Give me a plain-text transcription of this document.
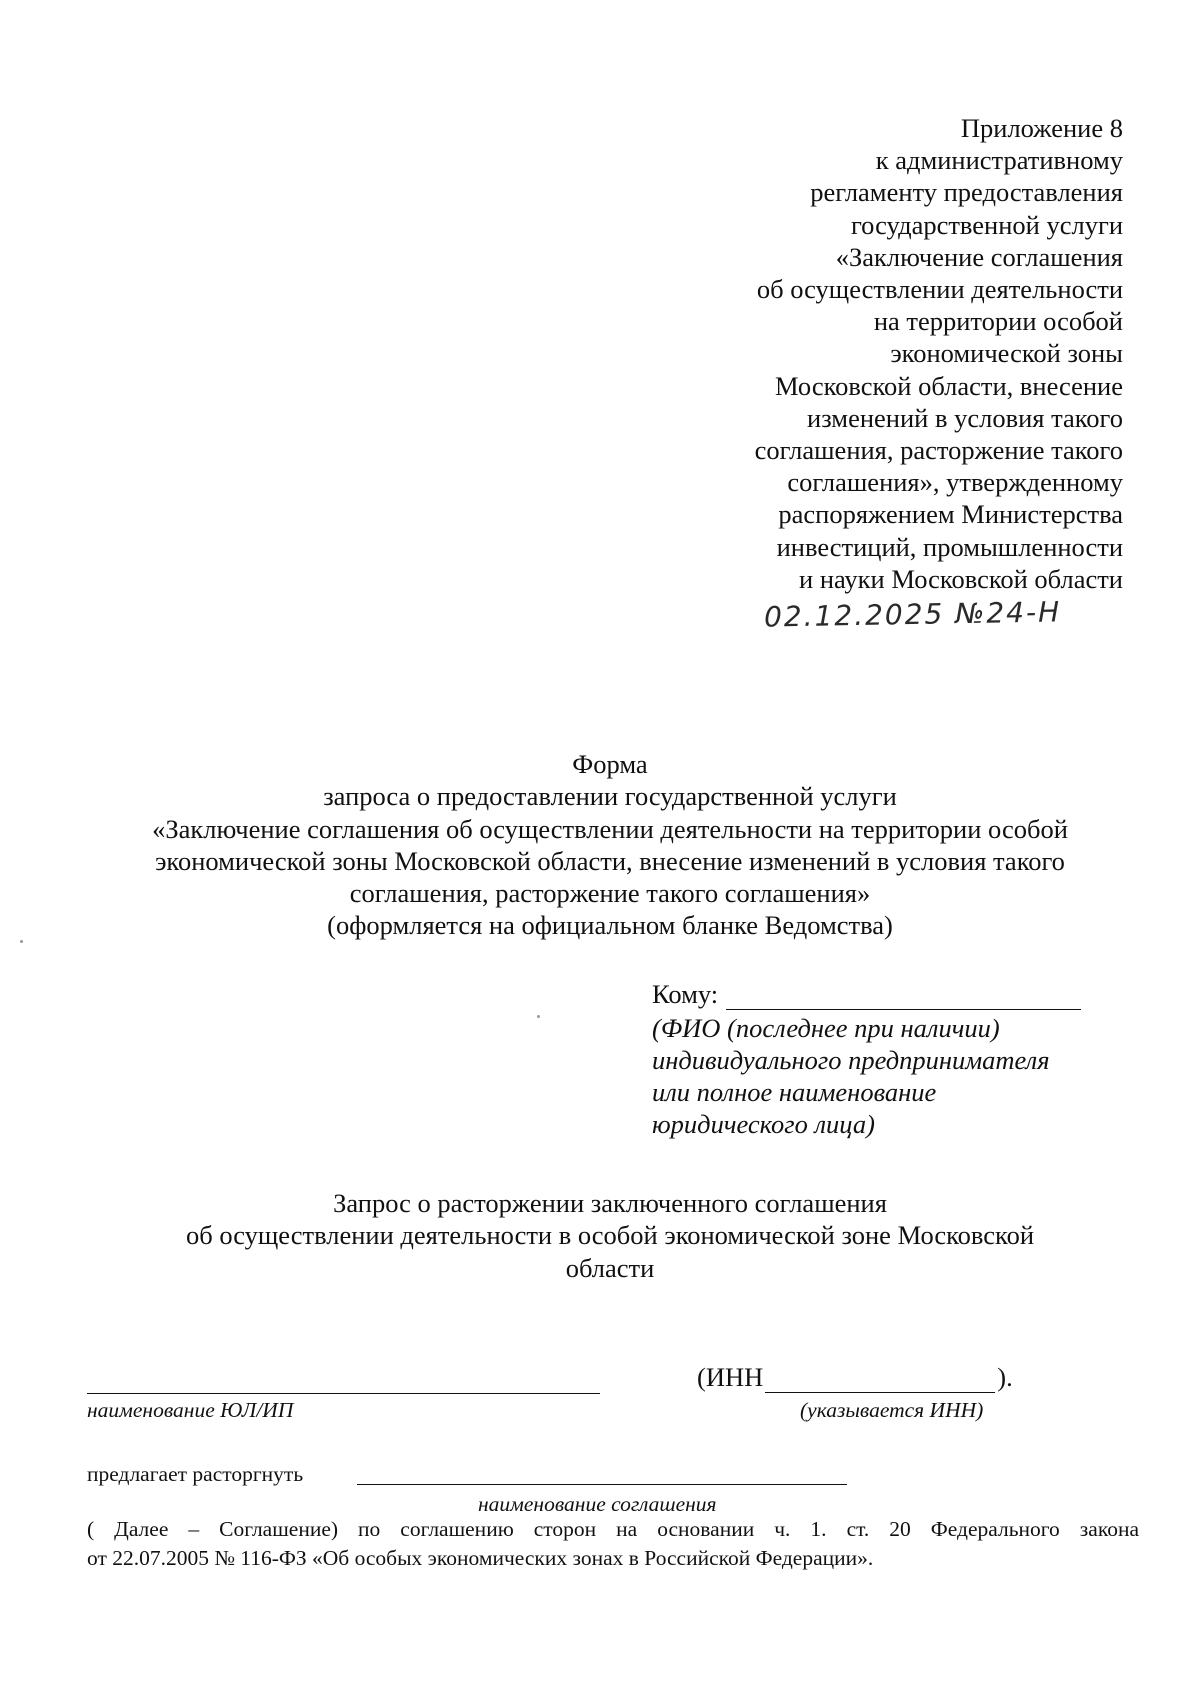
Приложение 8
к административному
регламенту предоставления
государственной услуги
«Заключение соглашения
об осуществлении деятельности
на территории особой
экономической зоны
Московской области, внесение
изменений в условия такого
соглашения, расторжение такого
соглашения», утвержденному
распоряжением Министерства
инвестиций, промышленности
и науки Московской области
02.12.2025 №24-Н
Форма
запроса о предоставлении государственной услуги
«Заключение соглашения об осуществлении деятельности на территории особой
экономической зоны Московской области, внесение изменений в условия такого
соглашения, расторжение такого соглашения»
(оформляется на официальном бланке Ведомства)
Кому:
(ФИО (последнее при наличии)
индивидуального предпринимателя
или полное наименование
юридического лица)
Запрос о расторжении заключенного соглашения
об осуществлении деятельности в особой экономической зоне Московской
области
наименование ЮЛ/ИП
(ИНН	).
(указывается ИНН)
предлагает расторгнуть
наименование соглашения
( Далее – Соглашение) по соглашению сторон на основании ч. 1. ст. 20 Федерального закона
от 22.07.2005 № 116-ФЗ «Об особых экономических зонах в Российской Федерации».
